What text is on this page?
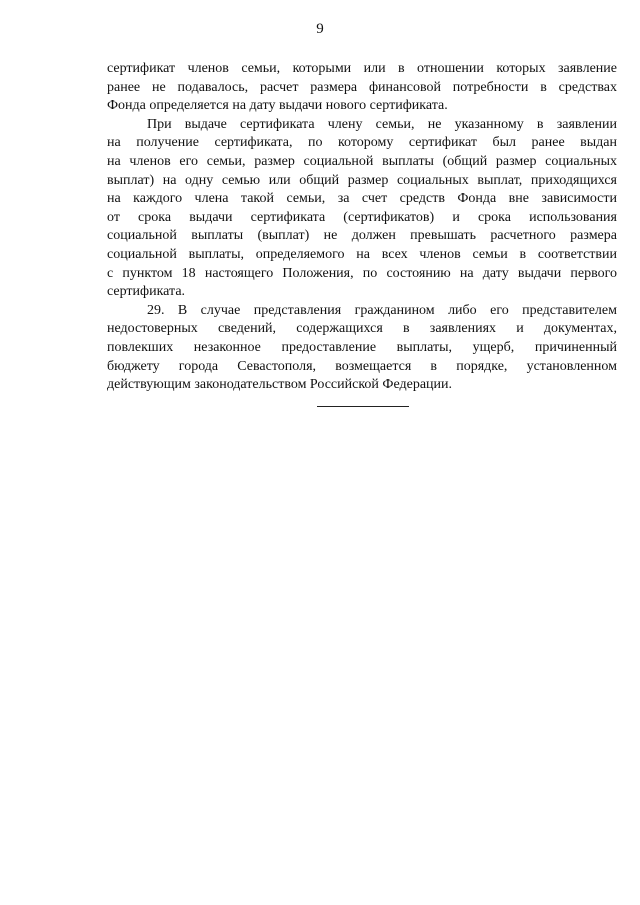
9
сертификат членов семьи, которыми или в отношении которых заявление
ранее не подавалось, расчет размера финансовой потребности в средствах
Фонда определяется на дату выдачи нового сертификата.
При выдаче сертификата члену семьи, не указанному в заявлении
на получение сертификата, по которому сертификат был ранее выдан
на членов его семьи, размер социальной выплаты (общий размер социальных
выплат) на одну семью или общий размер социальных выплат, приходящихся
на каждого члена такой семьи, за счет средств Фонда вне зависимости
от срока выдачи сертификата (сертификатов) и срока использования
социальной выплаты (выплат) не должен превышать расчетного размера
социальной выплаты, определяемого на всех членов семьи в соответствии
с пунктом 18 настоящего Положения, по состоянию на дату выдачи первого
сертификата.
29. В случае представления гражданином либо его представителем
недостоверных сведений, содержащихся в заявлениях и документах,
повлекших незаконное предоставление выплаты, ущерб, причиненный
бюджету города Севастополя, возмещается в порядке, установленном
действующим законодательством Российской Федерации.
